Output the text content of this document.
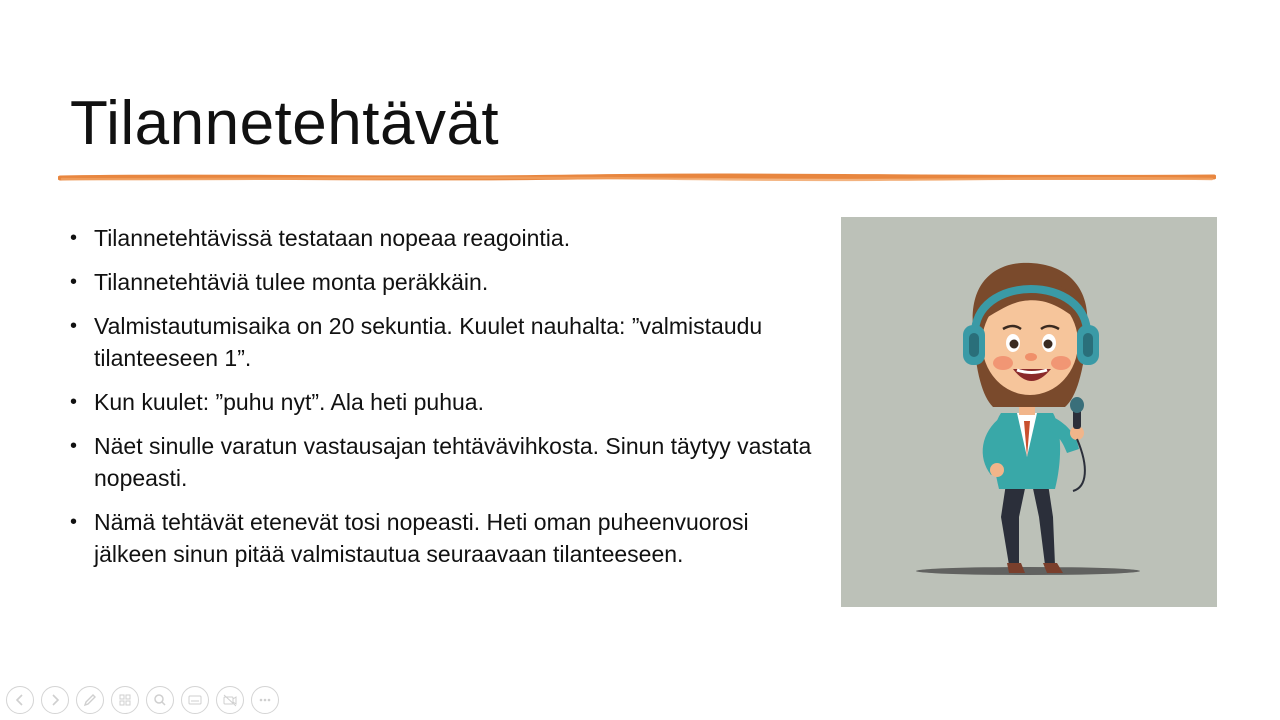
Tilannetehtävät
• Tilannetehtävissä testataan nopeaa reagointia.
• Tilannetehtäviä tulee monta peräkkäin.
• Valmistautumisaika on 20 sekuntia. Kuulet nauhalta: ”valmistaudu tilanteeseen 1”.
• Kun kuulet: ”puhu nyt”. Ala heti puhua.
• Näet sinulle varatun vastausajan tehtävävihkosta. Sinun täytyy vastata nopeasti.
• Nämä tehtävät etenevät tosi nopeasti. Heti oman puheenvuorosi jälkeen sinun pitää valmistautua seuraavaan tilanteeseen.
